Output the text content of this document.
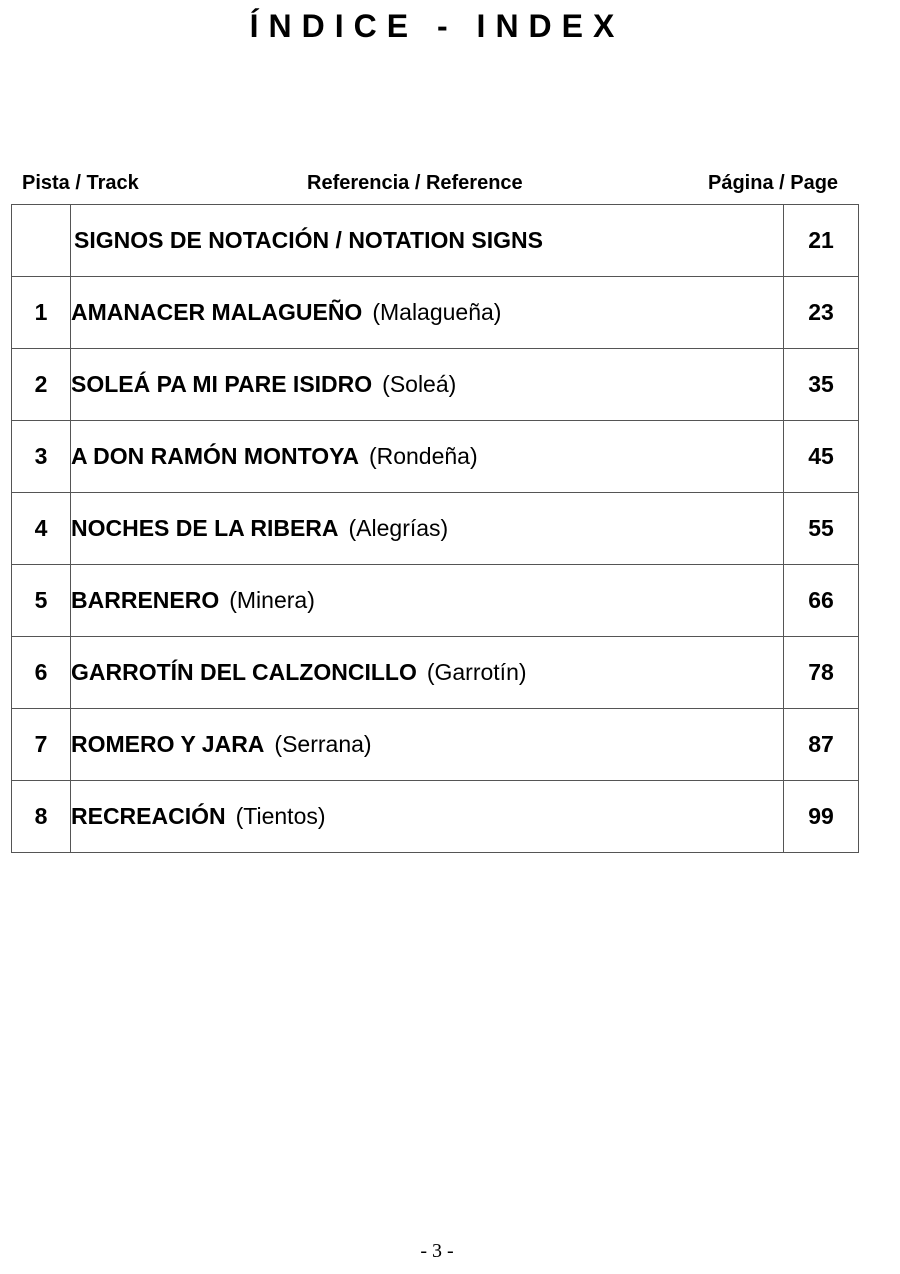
ÍNDICE - INDEX
Pista / Track	Referencia / Reference	Página / Page
	SIGNOS DE NOTACIÓN / NOTATION SIGNS	21
1	AMANACER MALAGUEÑO (Malagueña)	23
2	SOLEÁ PA MI PARE ISIDRO (Soleá)	35
3	A DON RAMÓN MONTOYA (Rondeña)	45
4	NOCHES DE LA RIBERA (Alegrías)	55
5	BARRENERO (Minera)	66
6	GARROTÍN DEL CALZONCILLO (Garrotín)	78
7	ROMERO Y JARA (Serrana)	87
8	RECREACIÓN (Tientos)	99
- 3 -
